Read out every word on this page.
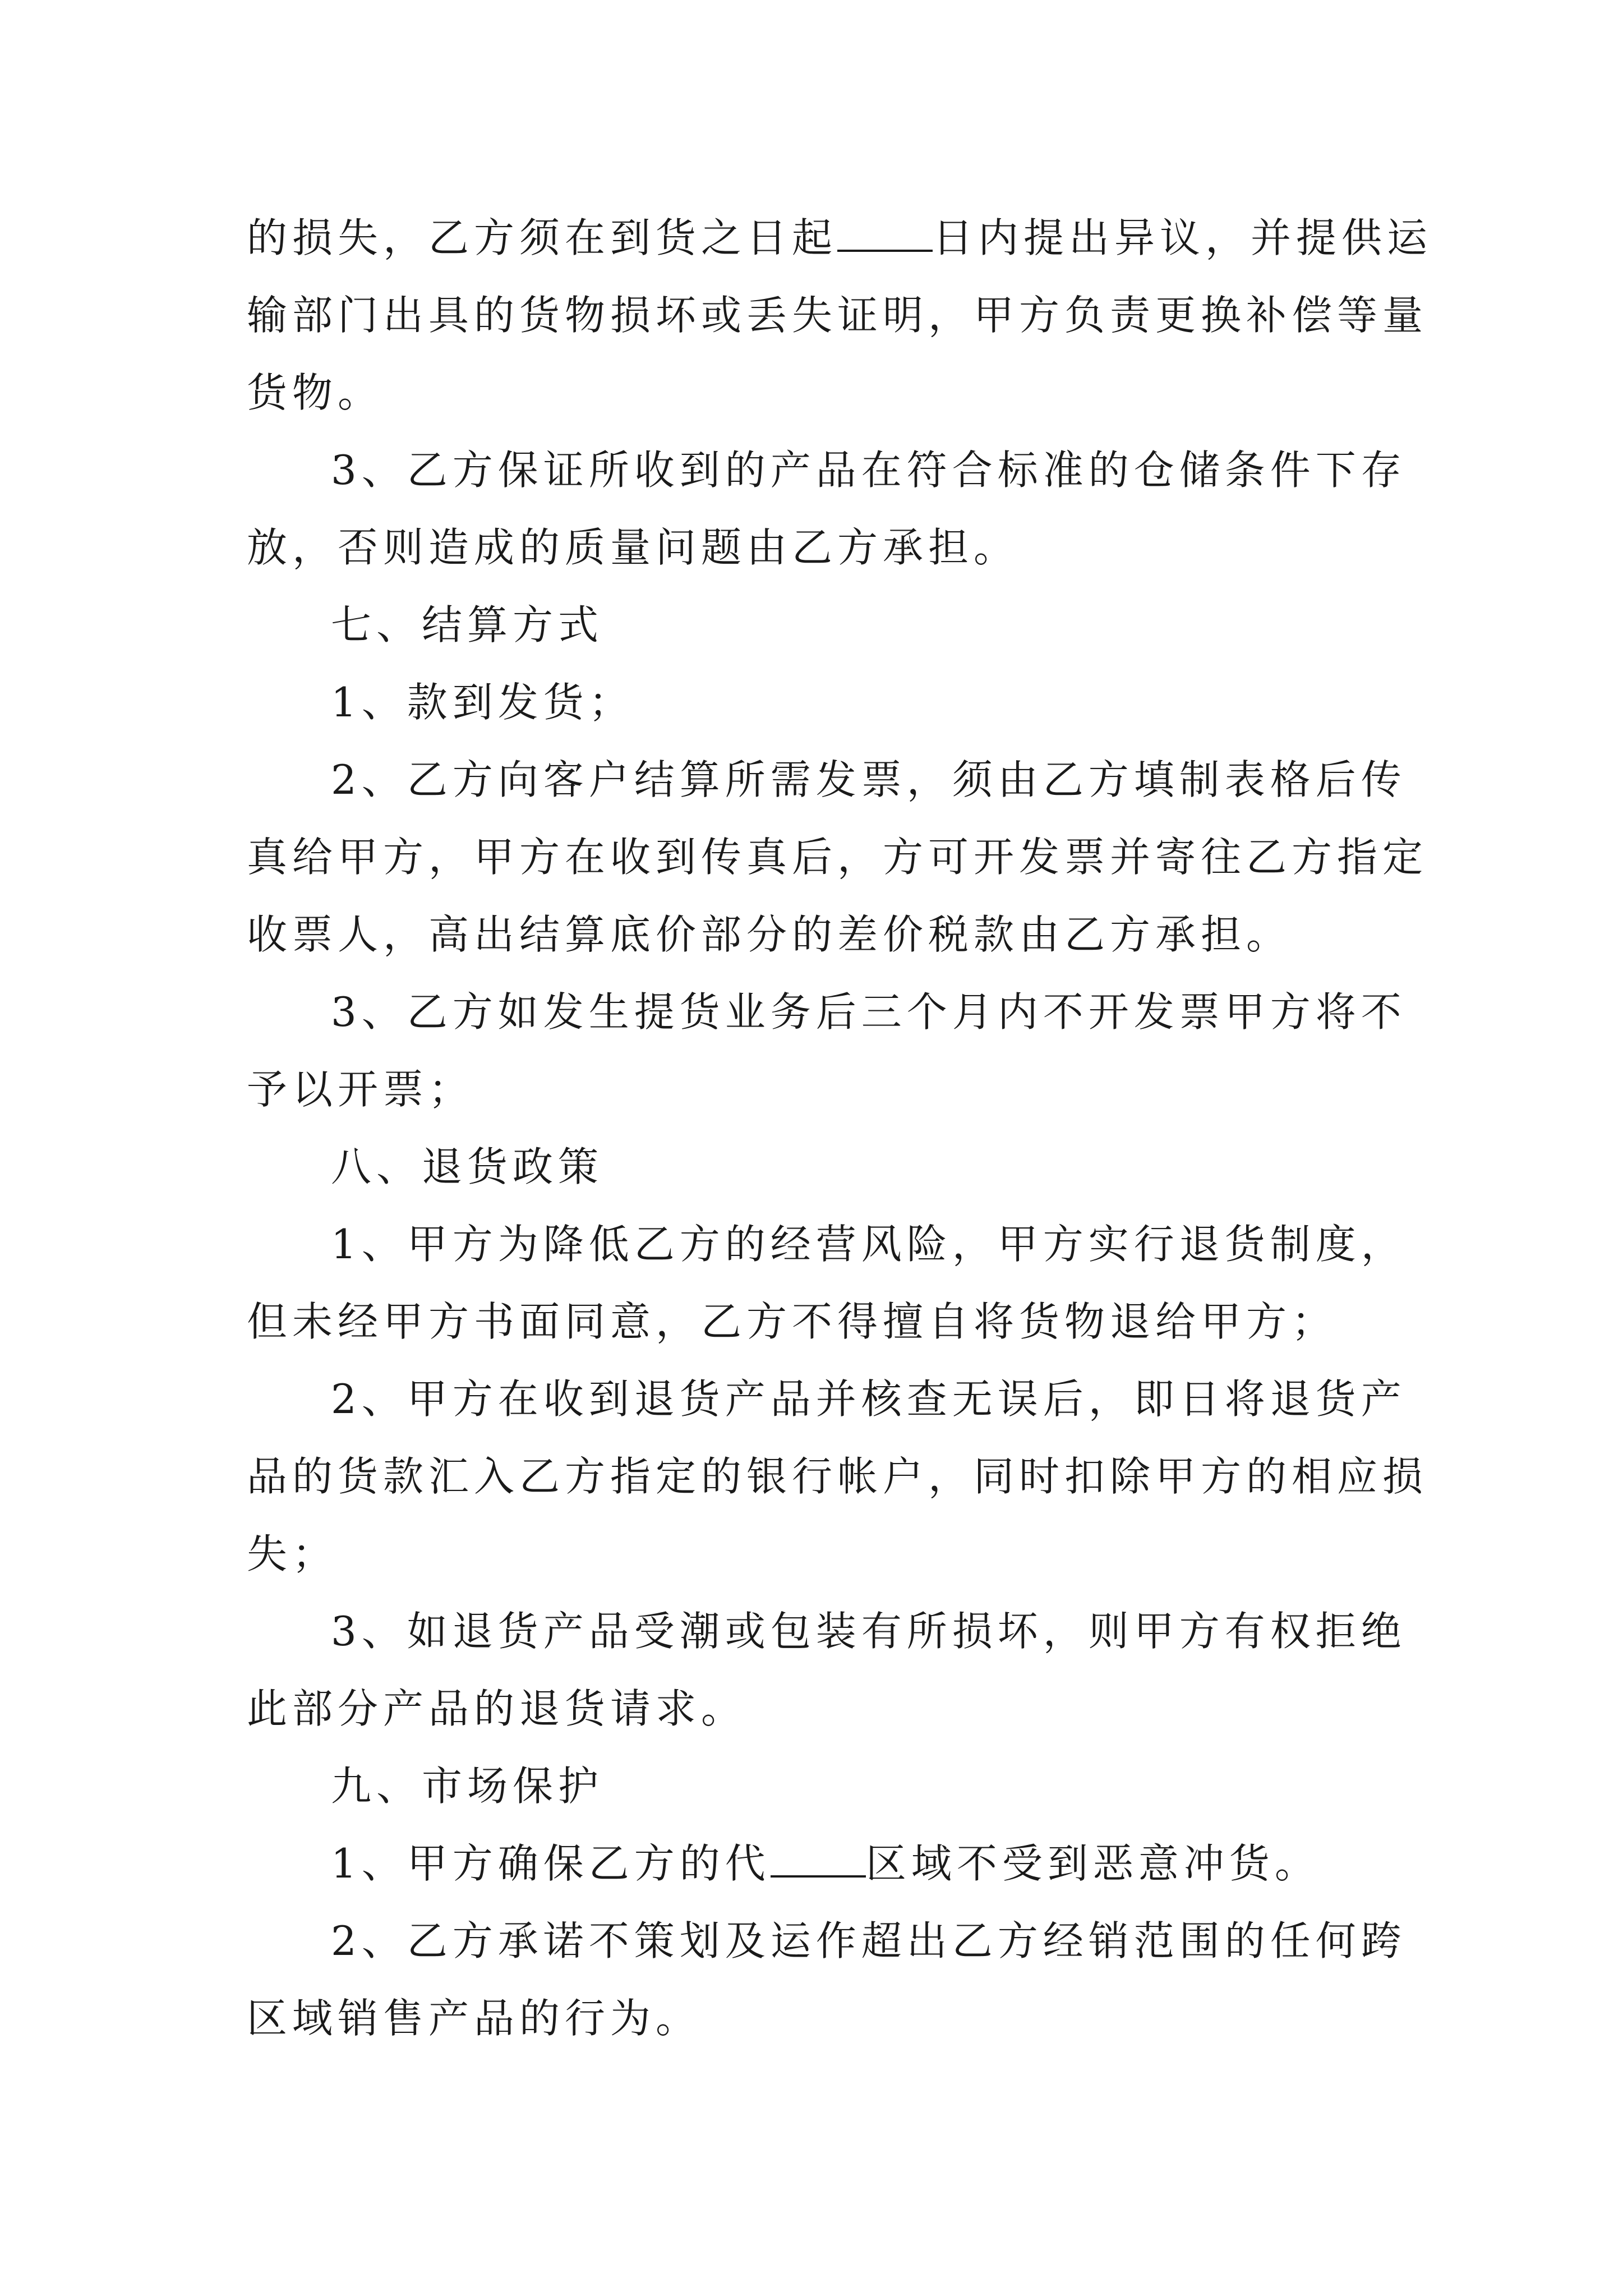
的损失，乙方须在到货之日起 日内提出异议，并提供运
输部门出具的货物损坏或丢失证明，甲方负责更换补偿等量
货物。
3、乙方保证所收到的产品在符合标准的仓储条件下存
放，否则造成的质量问题由乙方承担。
七、结算方式
1、款到发货；
2、乙方向客户结算所需发票，须由乙方填制表格后传
真给甲方，甲方在收到传真后，方可开发票并寄往乙方指定
收票人，高出结算底价部分的差价税款由乙方承担。
3、乙方如发生提货业务后三个月内不开发票甲方将不
予以开票；
八、退货政策
1、甲方为降低乙方的经营风险，甲方实行退货制度，
但未经甲方书面同意，乙方不得擅自将货物退给甲方；
2、甲方在收到退货产品并核查无误后，即日将退货产
品的货款汇入乙方指定的银行帐户，同时扣除甲方的相应损
失；
3、如退货产品受潮或包装有所损坏，则甲方有权拒绝
此部分产品的退货请求。
九、市场保护
1、甲方确保乙方的代 区域不受到恶意冲货。
2、乙方承诺不策划及运作超出乙方经销范围的任何跨
区域销售产品的行为。
